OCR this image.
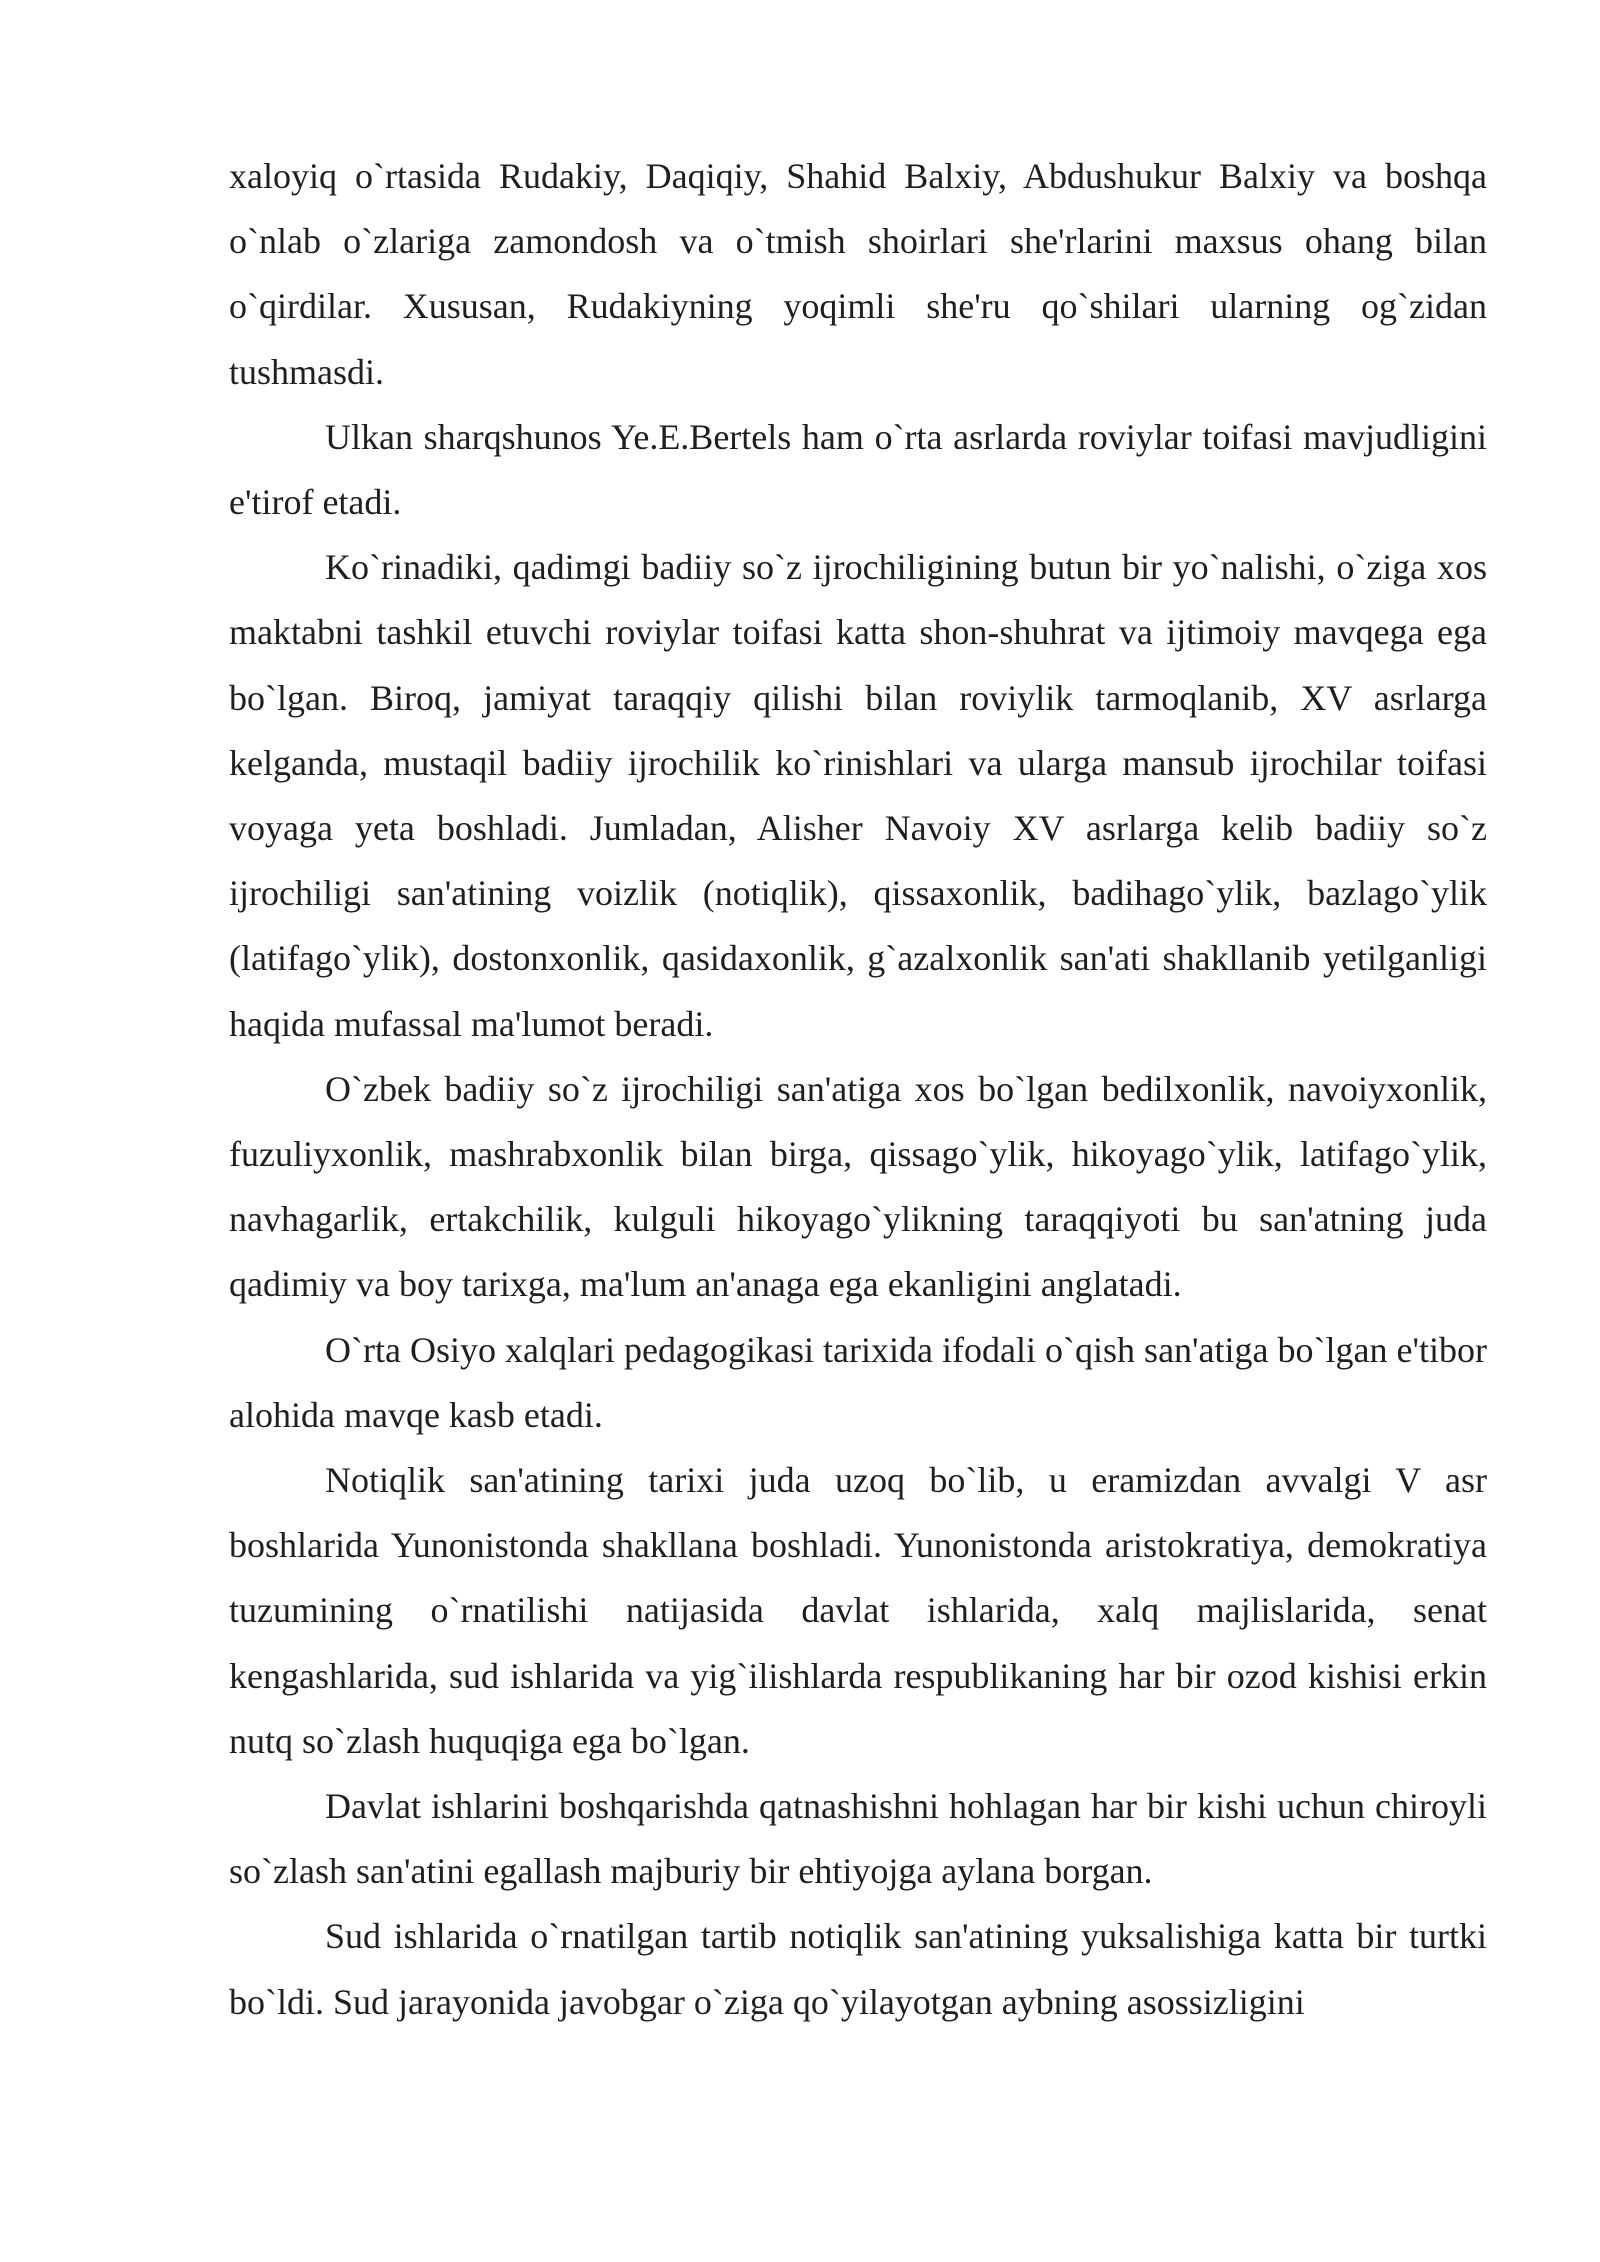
xaloyiq o`rtasida Rudakiy, Daqiqiy, Shahid Balxiy, Abdushukur Balxiy va boshqa o`nlab o`zlariga zamondosh va o`tmish shoirlari she'rlarini maxsus ohang bilan o`qirdilar. Xususan, Rudakiyning yoqimli she'ru qo`shilari ularning og`zidan tushmasdi.

Ulkan sharqshunos Ye.E.Bertels ham o`rta asrlarda roviylar toifasi mavjudligini e'tirof etadi.

Ko`rinadiki, qadimgi badiiy so`z ijrochiligining butun bir yo`nalishi, o`ziga xos maktabni tashkil etuvchi roviylar toifasi katta shon-shuhrat va ijtimoiy mavqega ega bo`lgan. Biroq, jamiyat taraqqiy qilishi bilan roviylik tarmoqlanib, XV asrlarga kelganda, mustaqil badiiy ijrochilik ko`rinishlari va ularga mansub ijrochilar toifasi voyaga yeta boshladi. Jumladan, Alisher Navoiy XV asrlarga kelib badiiy so`z ijrochiligi san'atining voizlik (notiqlik), qissaxonlik, badihago`ylik, bazlago`ylik (latifago`ylik), dostonxonlik, qasidaxonlik, g`azalxonlik san'ati shakllanib yetilganligi haqida mufassal ma'lumot beradi.

O`zbek badiiy so`z ijrochiligi san'atiga xos bo`lgan bedilxonlik, navoiyxonlik, fuzuliyxonlik, mashrabxonlik bilan birga, qissago`ylik, hikoyago`ylik, latifago`ylik, navhagarlik, ertakchilik, kulguli hikoyago`ylikning taraqqiyoti bu san'atning juda qadimiy va boy tarixga, ma'lum an'anaga ega ekanligini anglatadi.

O`rta Osiyo xalqlari pedagogikasi tarixida ifodali o`qish san'atiga bo`lgan e'tibor alohida mavqe kasb etadi.

Notiqlik san'atining tarixi juda uzoq bo`lib, u eramizdan avvalgi V asr boshlarida Yunonistonda shakllana boshladi. Yunonistonda aristokratiya, demokratiya tuzumining o`rnatilishi natijasida davlat ishlarida, xalq majlislarida, senat kengashlarida, sud ishlarida va yig`ilishlarda respublikaning har bir ozod kishisi erkin nutq so`zlash huquqiga ega bo`lgan.

Davlat ishlarini boshqarishda qatnashishni hohlagan har bir kishi uchun chiroyli so`zlash san'atini egallash majburiy bir ehtiyojga aylana borgan.

Sud ishlarida o`rnatilgan tartib notiqlik san'atining yuksalishiga katta bir turtki bo`ldi. Sud jarayonida javobgar o`ziga qo`yilayotgan aybning asossizligini
